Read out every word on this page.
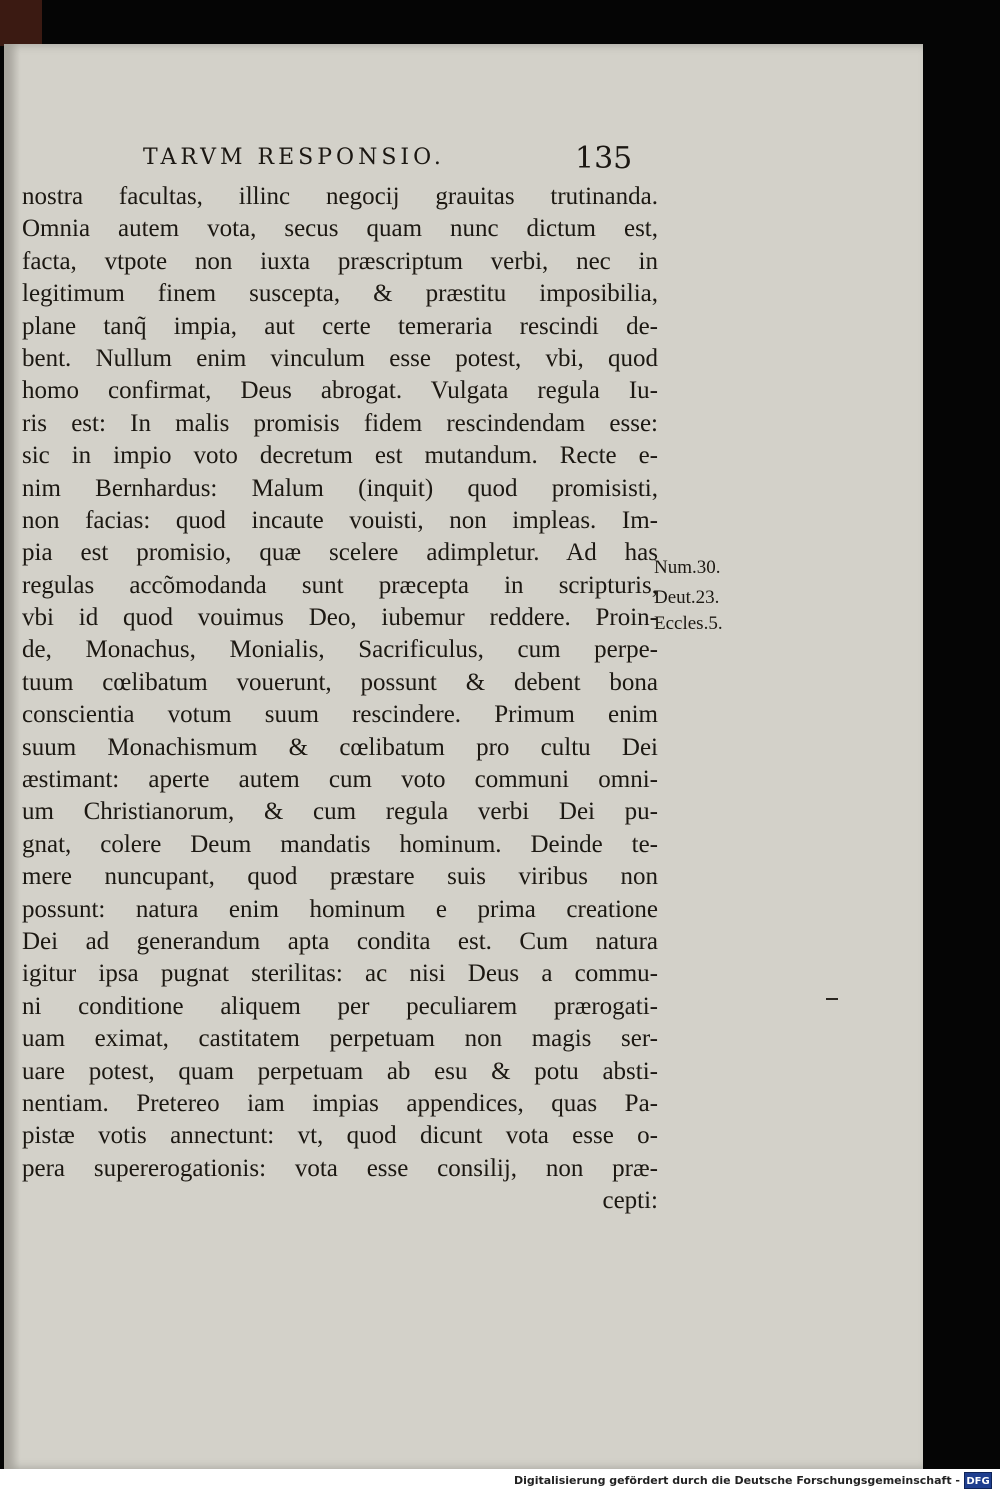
TARVM RESPONSIO.	135
nostra facultas, illinc negocij grauitas trutinanda.
Omnia autem vota, secus quam nunc dictum est,
facta, vtpote non iuxta præscriptum verbi, nec in
legitimum finem suscepta, & præstitu imposibilia,
plane tanq̃ impia, aut certe temeraria rescindi de-
bent. Nullum enim vinculum esse potest, vbi, quod
homo confirmat, Deus abrogat. Vulgata regula Iu-
ris est: In malis promisis fidem rescindendam esse:
sic in impio voto decretum est mutandum. Recte e-
nim Bernhardus: Malum (inquit) quod promisisti,
non facias: quod incaute vouisti, non impleas. Im-
pia est promisio, quæ scelere adimpletur. Ad has
regulas accõmodanda sunt præcepta in scripturis,
vbi id quod vouimus Deo, iubemur reddere. Proin-
de, Monachus, Monialis, Sacrificulus, cum perpe-
tuum cœlibatum vouerunt, possunt & debent bona
conscientia votum suum rescindere. Primum enim
suum Monachismum & cœlibatum pro cultu Dei
æstimant: aperte autem cum voto communi omni-
um Christianorum, & cum regula verbi Dei pu-
gnat, colere Deum mandatis hominum. Deinde te-
mere nuncupant, quod præstare suis viribus non
possunt: natura enim hominum e prima creatione
Dei ad generandum apta condita est. Cum natura
igitur ipsa pugnat sterilitas: ac nisi Deus a commu-
ni conditione aliquem per peculiarem prærogati-
uam eximat, castitatem perpetuam non magis ser-
uare potest, quam perpetuam ab esu & potu absti-
nentiam. Pretereo iam impias appendices, quas Pa-
pistæ votis annectunt: vt, quod dicunt vota esse o-
pera supererogationis: vota esse consilij, non præ-
cepti:
Num.30.
Deut.23.
Eccles.5.
Digitalisierung gefördert durch die Deutsche Forschungsgemeinschaft - DFG
